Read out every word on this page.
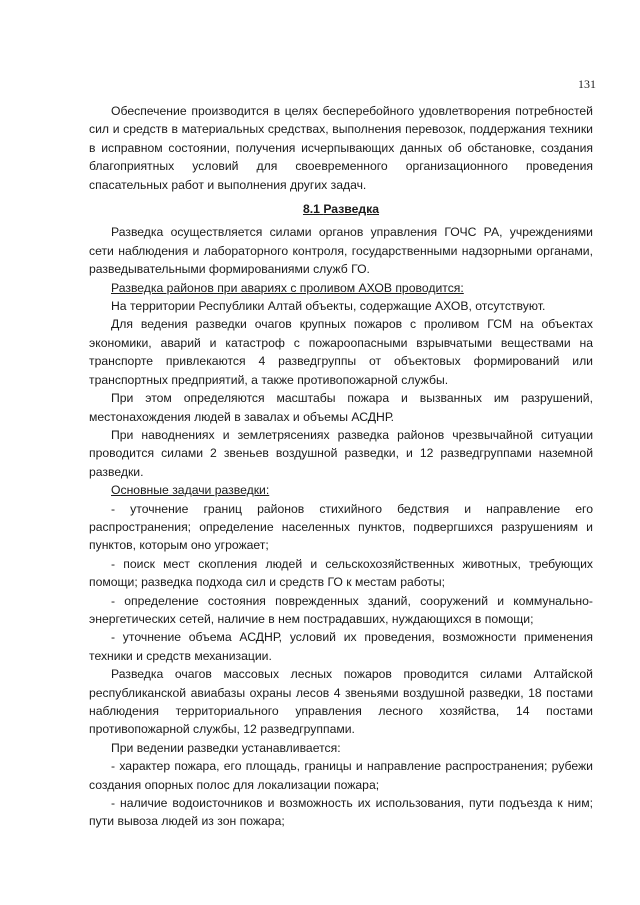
131

Обеспечение производится в целях бесперебойного удовлетворения потребностей сил и средств в материальных средствах, выполнения перевозок, поддержания техники в исправном состоянии, получения исчерпывающих данных об обстановке, создания благоприятных условий для своевременного организационного проведения спасательных работ и выполнения других задач.

8.1 Разведка

Разведка осуществляется силами органов управления ГОЧС РА, учреждениями сети наблюдения и лабораторного контроля, государственными надзорными органами, разведывательными формированиями служб ГО.

Разведка районов при авариях с проливом АХОВ проводится:

На территории Республики Алтай объекты, содержащие АХОВ, отсутствуют.

Для ведения разведки очагов крупных пожаров с проливом ГСМ на объектах экономики, аварий и катастроф с пожароопасными взрывчатыми веществами на транспорте привлекаются 4 разведгруппы от объектовых формирований или транспортных предприятий, а также противопожарной службы.

При этом определяются масштабы пожара и вызванных им разрушений, местонахождения людей в завалах и объемы АСДНР.

При наводнениях и землетрясениях разведка районов чрезвычайной ситуации проводится силами 2 звеньев воздушной разведки, и 12 разведгруппами наземной разведки.

Основные задачи разведки:

- уточнение границ районов стихийного бедствия и направление его распространения; определение населенных пунктов, подвергшихся разрушениям и пунктов, которым оно угрожает;

- поиск мест скопления людей и сельскохозяйственных животных, требующих помощи; разведка подхода сил и средств ГО к местам работы;

- определение состояния поврежденных зданий, сооружений и коммунально-энергетических сетей, наличие в нем пострадавших, нуждающихся в помощи;

- уточнение объема АСДНР, условий их проведения, возможности применения техники и средств механизации.

Разведка очагов массовых лесных пожаров проводится силами Алтайской республиканской авиабазы охраны лесов 4 звеньями воздушной разведки, 18 постами наблюдения территориального управления лесного хозяйства, 14 постами противопожарной службы, 12 разведгруппами.

При ведении разведки устанавливается:

- характер пожара, его площадь, границы и направление распространения; рубежи создания опорных полос для локализации пожара;

- наличие водоисточников и возможность их использования, пути подъезда к ним; пути вывоза людей из зон пожара;
